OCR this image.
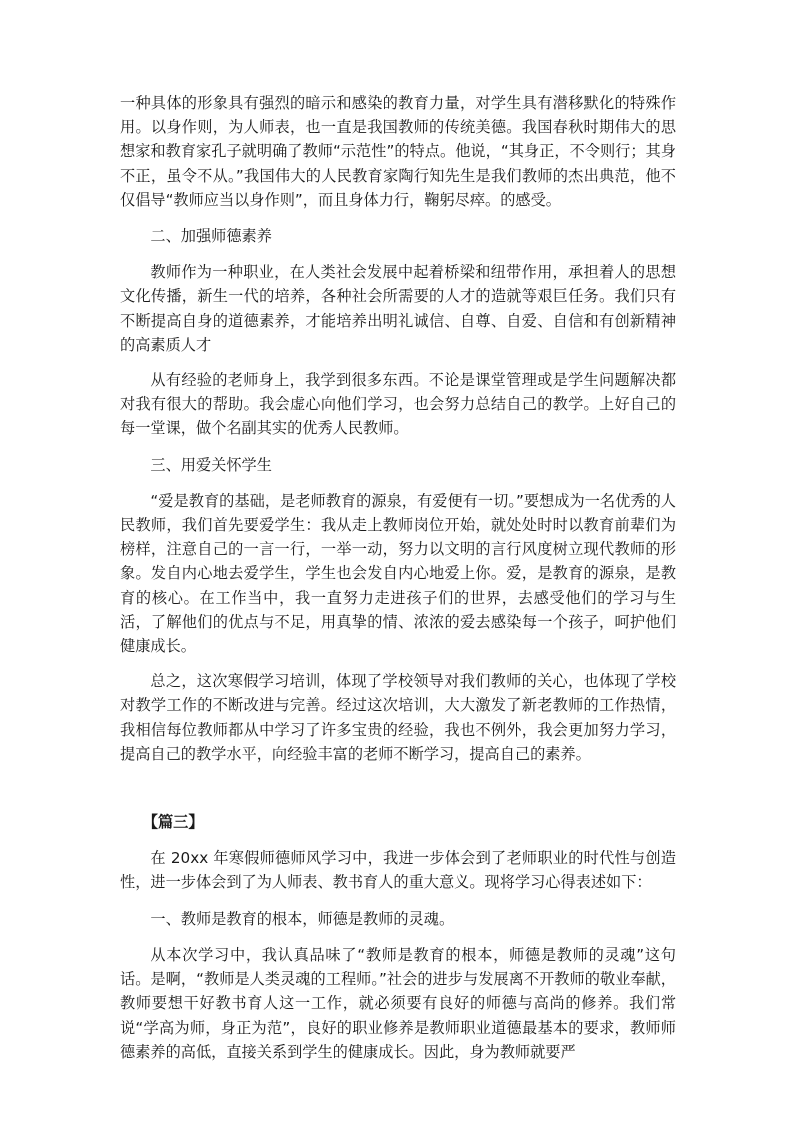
一种具体的形象具有强烈的暗示和感染的教育力量，对学生具有潜移默化的特殊作用。以身作则，为人师表，也一直是我国教师的传统美德。我国春秋时期伟大的思想家和教育家孔子就明确了教师“示范性”的特点。他说，“其身正，不令则行；其身不正，虽令不从。”我国伟大的人民教育家陶行知先生是我们教师的杰出典范，他不仅倡导“教师应当以身作则”，而且身体力行，鞠躬尽瘁。的感受。

二、加强师德素养

教师作为一种职业，在人类社会发展中起着桥梁和纽带作用，承担着人的思想文化传播，新生一代的培养，各种社会所需要的人才的造就等艰巨任务。我们只有不断提高自身的道德素养，才能培养出明礼诚信、自尊、自爱、自信和有创新精神的高素质人才

从有经验的老师身上，我学到很多东西。不论是课堂管理或是学生问题解决都对我有很大的帮助。我会虚心向他们学习，也会努力总结自己的教学。上好自己的每一堂课，做个名副其实的优秀人民教师。

三、用爱关怀学生

“爱是教育的基础，是老师教育的源泉，有爱便有一切。”要想成为一名优秀的人民教师，我们首先要爱学生：我从走上教师岗位开始，就处处时时以教育前辈们为榜样，注意自己的一言一行，一举一动，努力以文明的言行风度树立现代教师的形象。发自内心地去爱学生，学生也会发自内心地爱上你。爱，是教育的源泉，是教育的核心。在工作当中，我一直努力走进孩子们的世界，去感受他们的学习与生活，了解他们的优点与不足，用真挚的情、浓浓的爱去感染每一个孩子，呵护他们健康成长。

总之，这次寒假学习培训，体现了学校领导对我们教师的关心，也体现了学校对教学工作的不断改进与完善。经过这次培训，大大激发了新老教师的工作热情，我相信每位教师都从中学习了许多宝贵的经验，我也不例外，我会更加努力学习，提高自己的教学水平，向经验丰富的老师不断学习，提高自己的素养。

【篇三】

在 20xx 年寒假师德师风学习中，我进一步体会到了老师职业的时代性与创造性，进一步体会到了为人师表、教书育人的重大意义。现将学习心得表述如下：

一、教师是教育的根本，师德是教师的灵魂。

从本次学习中，我认真品味了“教师是教育的根本，师德是教师的灵魂”这句话。是啊，“教师是人类灵魂的工程师。”社会的进步与发展离不开教师的敬业奉献，教师要想干好教书育人这一工作，就必须要有良好的师德与高尚的修养。我们常说“学高为师，身正为范”，良好的职业修养是教师职业道德最基本的要求，教师师德素养的高低，直接关系到学生的健康成长。因此，身为教师就要严
